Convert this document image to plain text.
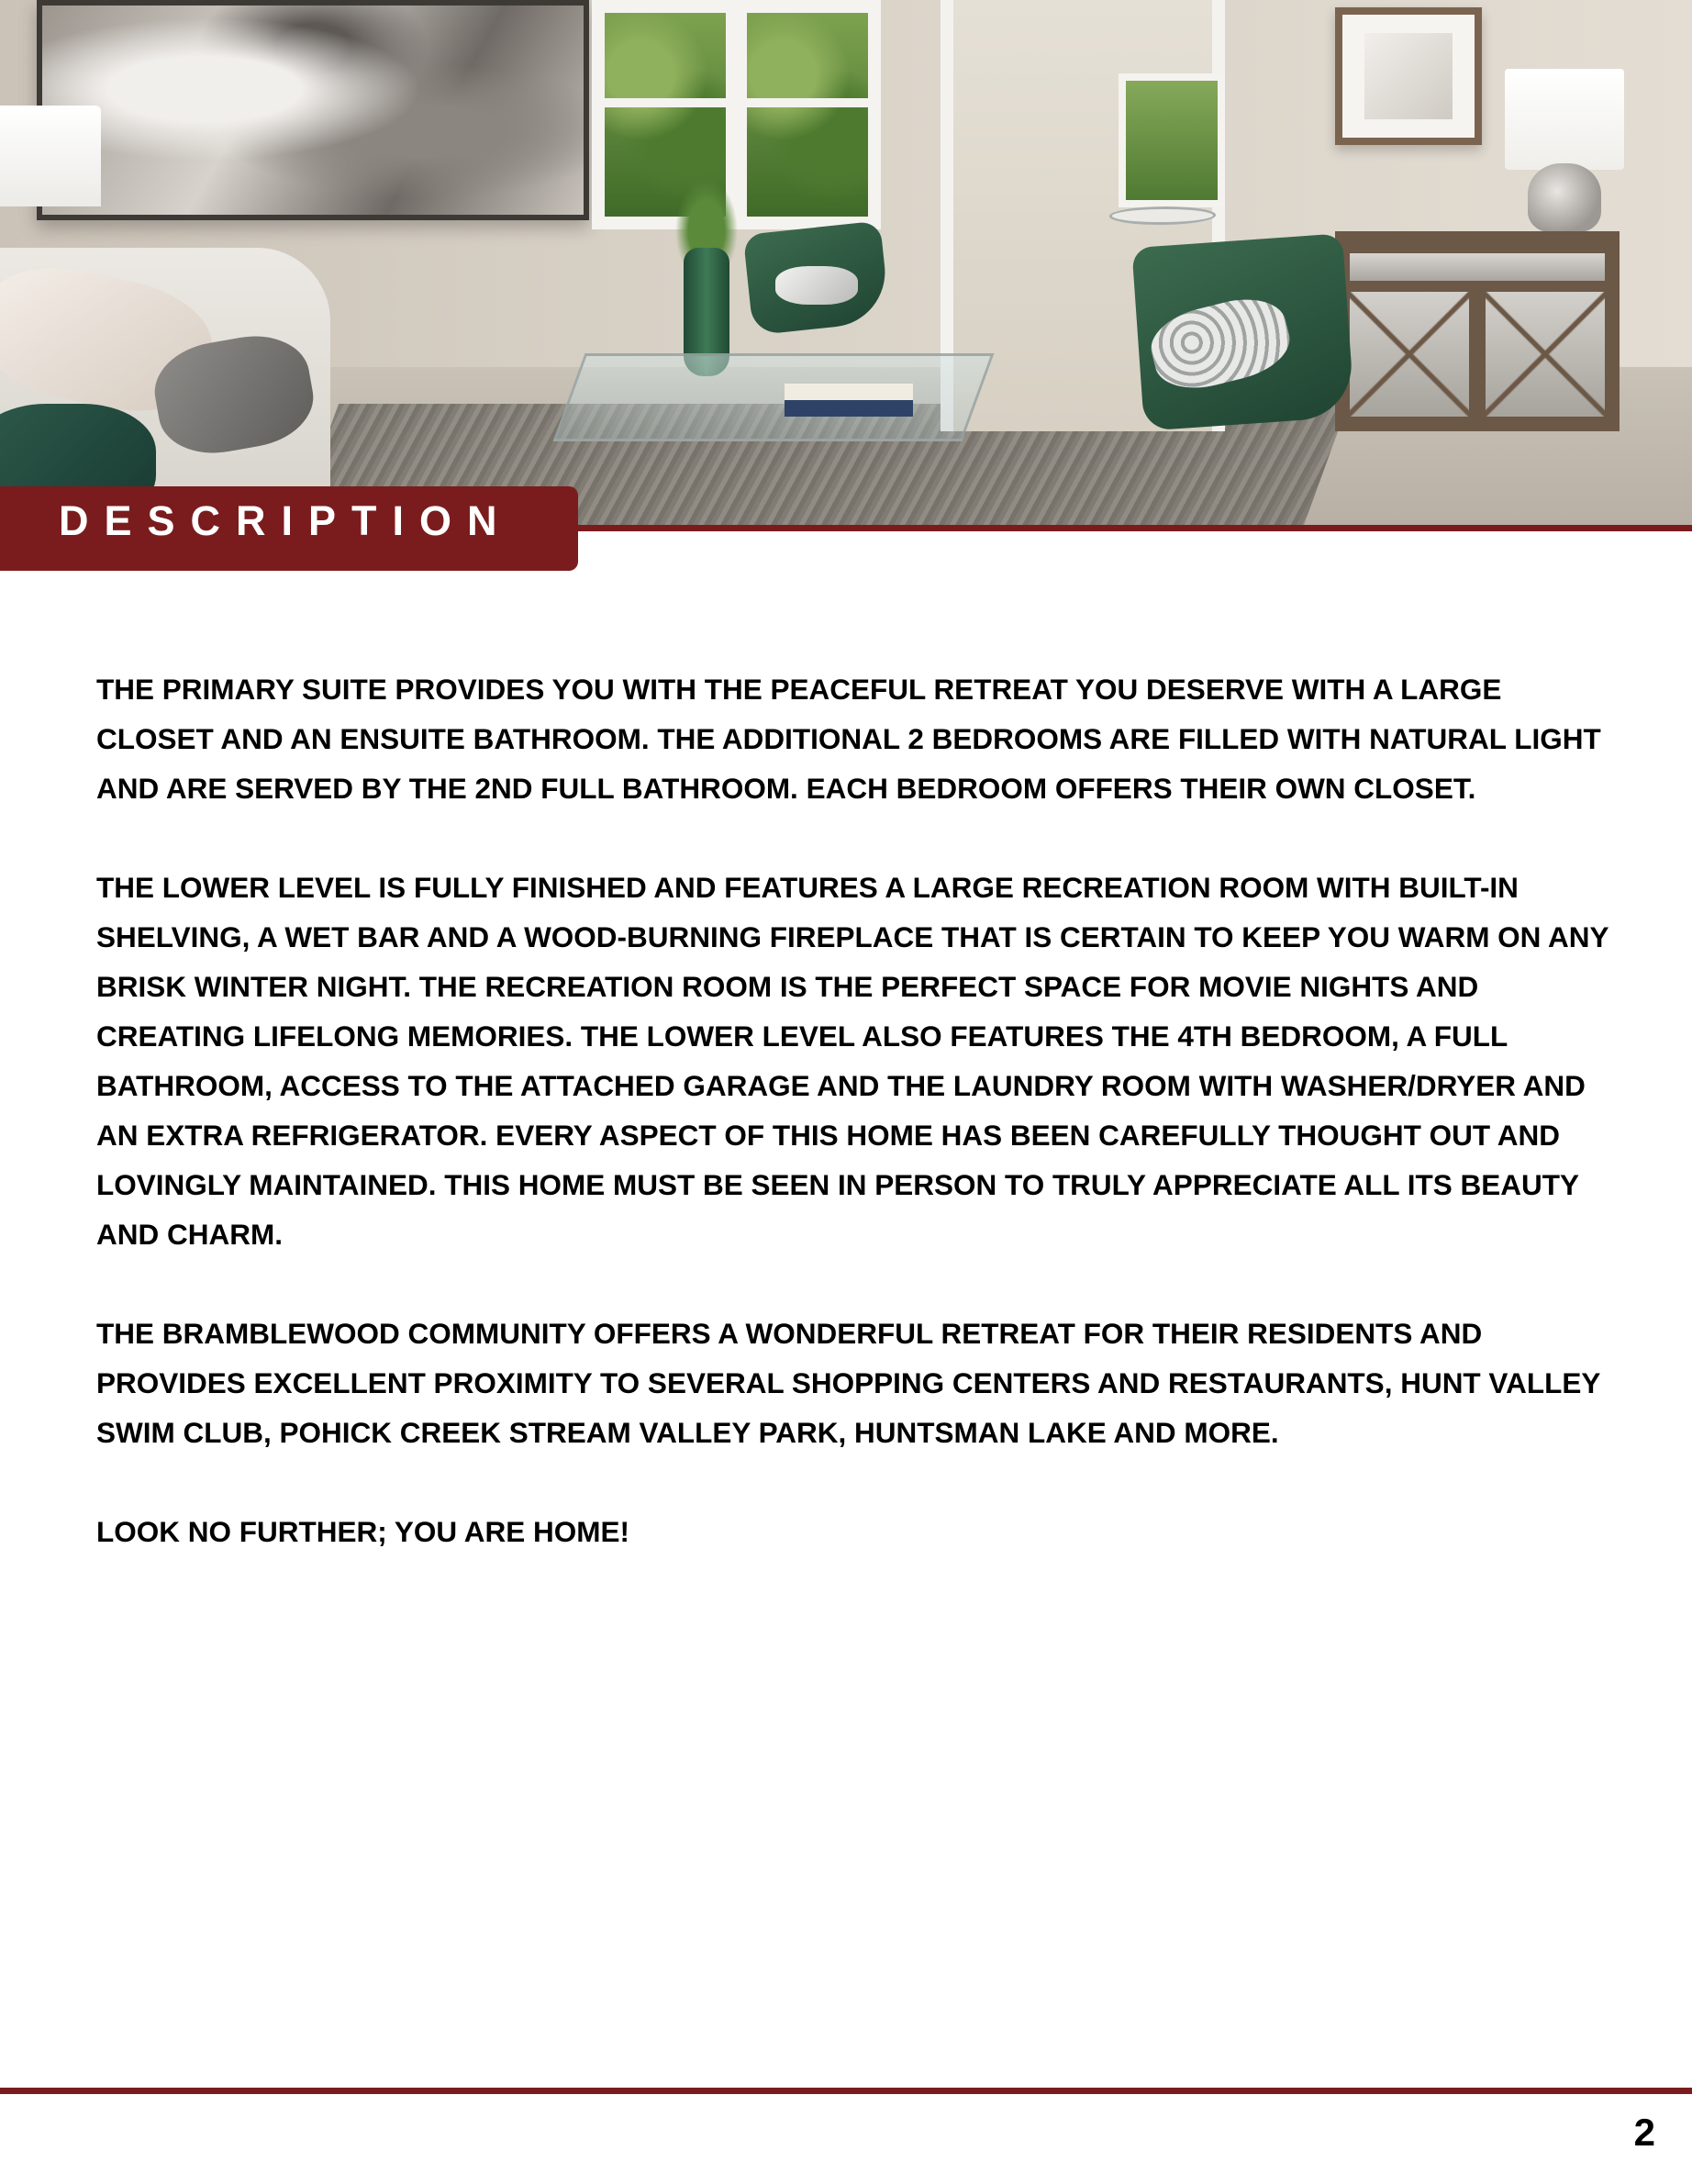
DESCRIPTION

THE PRIMARY SUITE PROVIDES YOU WITH THE PEACEFUL RETREAT YOU DESERVE WITH A LARGE CLOSET AND AN ENSUITE BATHROOM. THE ADDITIONAL 2 BEDROOMS ARE FILLED WITH NATURAL LIGHT AND ARE SERVED BY THE 2ND FULL BATHROOM. EACH BEDROOM OFFERS THEIR OWN CLOSET.

THE LOWER LEVEL IS FULLY FINISHED AND FEATURES A LARGE RECREATION ROOM WITH BUILT-IN SHELVING, A WET BAR AND A WOOD-BURNING FIREPLACE THAT IS CERTAIN TO KEEP YOU WARM ON ANY BRISK WINTER NIGHT. THE RECREATION ROOM IS THE PERFECT SPACE FOR MOVIE NIGHTS AND CREATING LIFELONG MEMORIES. THE LOWER LEVEL ALSO FEATURES THE 4TH BEDROOM, A FULL BATHROOM, ACCESS TO THE ATTACHED GARAGE AND THE LAUNDRY ROOM WITH WASHER/DRYER AND AN EXTRA REFRIGERATOR. EVERY ASPECT OF THIS HOME HAS BEEN CAREFULLY THOUGHT OUT AND LOVINGLY MAINTAINED. THIS HOME MUST BE SEEN IN PERSON TO TRULY APPRECIATE ALL ITS BEAUTY AND CHARM.

THE BRAMBLEWOOD COMMUNITY OFFERS A WONDERFUL RETREAT FOR THEIR RESIDENTS AND PROVIDES EXCELLENT PROXIMITY TO SEVERAL SHOPPING CENTERS AND RESTAURANTS, HUNT VALLEY SWIM CLUB, POHICK CREEK STREAM VALLEY PARK, HUNTSMAN LAKE AND MORE.

LOOK NO FURTHER; YOU ARE HOME!

2
